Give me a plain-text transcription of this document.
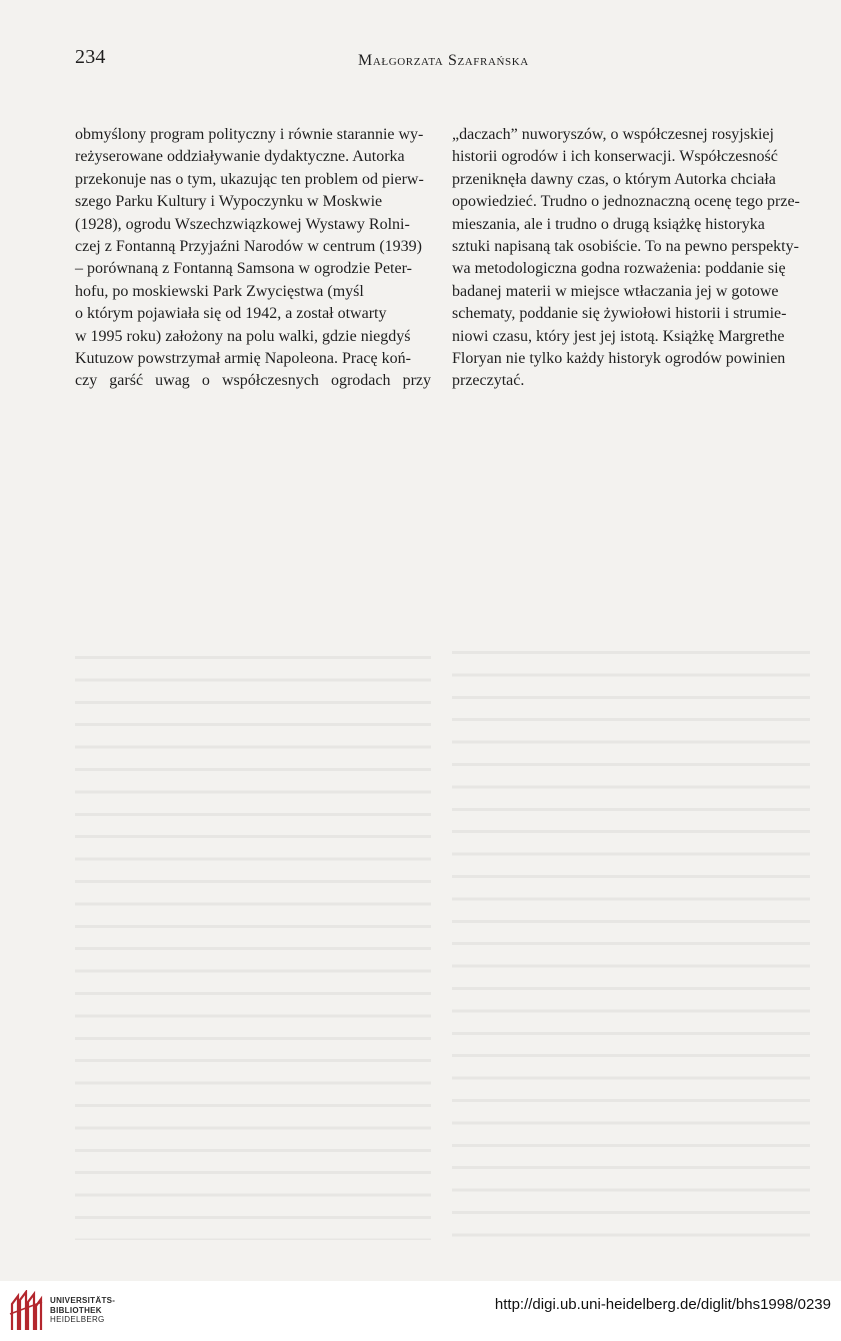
234	Małgorzata Szafrańska

obmyślony program polityczny i równie starannie wy-

reżyserowane oddziaływanie dydaktyczne. Autorka

przekonuje nas o tym, ukazując ten problem od pierw-

szego Parku Kultury i Wypoczynku w Moskwie

(1928), ogrodu Wszechzwiązkowej Wystawy Rolni-

czej z Fontanną Przyjaźni Narodów w centrum (1939)

– porównaną z Fontanną Samsona w ogrodzie Peter-

hofu, po moskiewski Park Zwycięstwa (myśl

o którym pojawiała się od 1942, a został otwarty

w 1995 roku) założony na polu walki, gdzie niegdyś

Kutuzow powstrzymał armię Napoleona. Pracę koń-

czy garść uwag o współczesnych ogrodach przy

„daczach” nuworyszów, o współczesnej rosyjskiej

historii ogrodów i ich konserwacji. Współczesność

przeniknęła dawny czas, o którym Autorka chciała

opowiedzieć. Trudno o jednoznaczną ocenę tego prze-

mieszania, ale i trudno o drugą książkę historyka

sztuki napisaną tak osobiście. To na pewno perspekty-

wa metodologiczna godna rozważenia: poddanie się

badanej materii w miejsce wtłaczania jej w gotowe

schematy, poddanie się żywiołowi historii i strumie-

niowi czasu, który jest jej istotą. Książkę Margrethe

Floryan nie tylko każdy historyk ogrodów powinien

przeczytać.

UNIVERSITÄTS-
BIBLIOTHEK
HEIDELBERG
http://digi.ub.uni-heidelberg.de/diglit/bhs1998/0239
